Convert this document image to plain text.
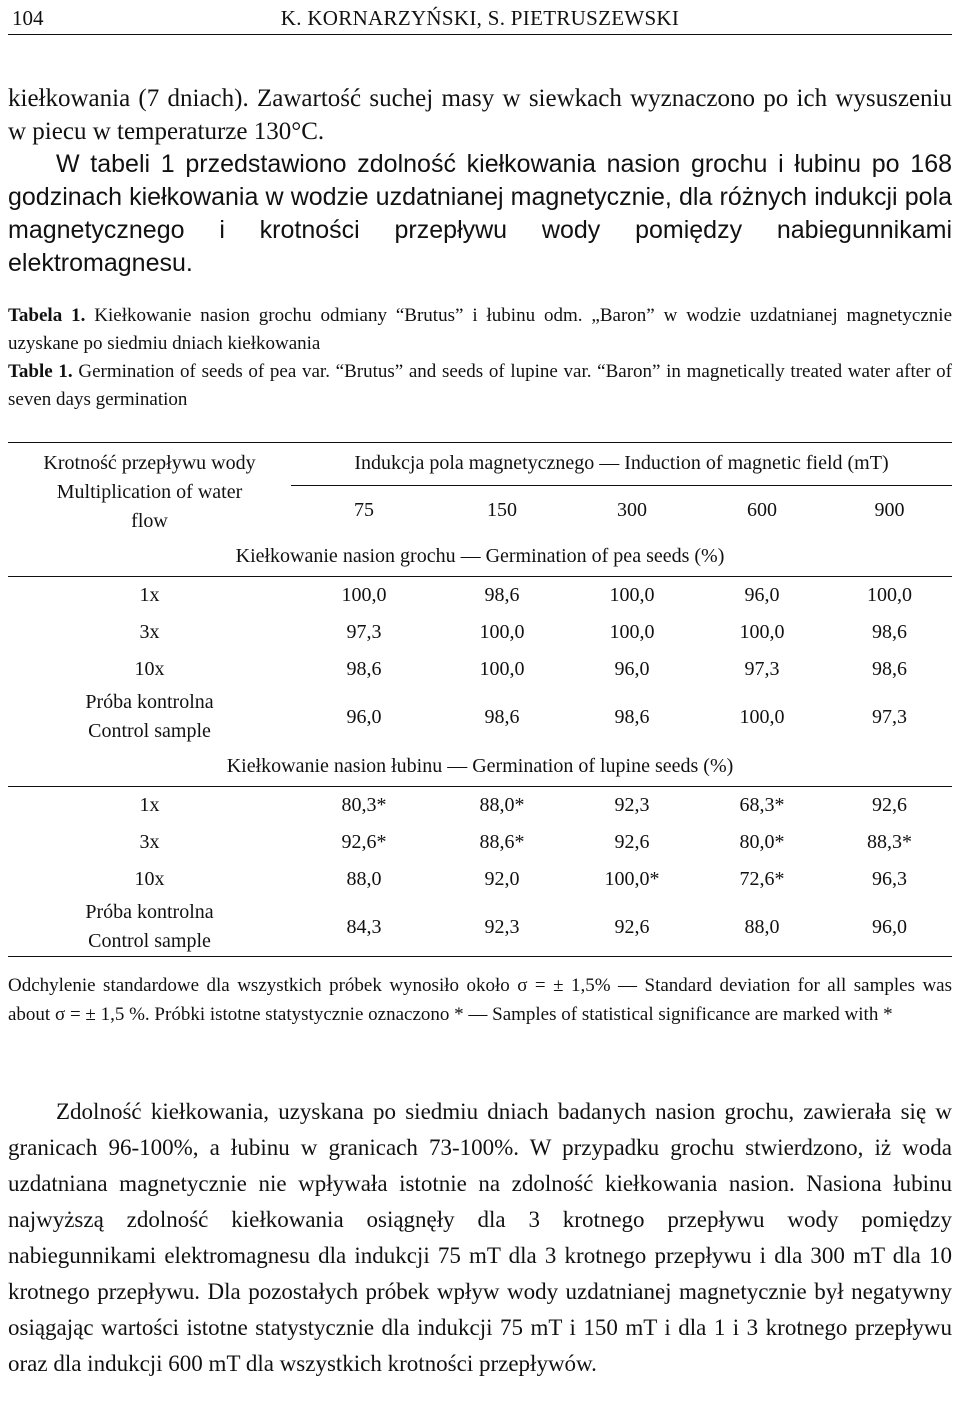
104	K. KORNARZYŃSKI, S. PIETRUSZEWSKI

kiełkowania (7 dniach). Zawartość suchej masy w siewkach wyznaczono po ich wysuszeniu w piecu w temperaturze 130°C.

W tabeli 1 przedstawiono zdolność kiełkowania nasion grochu i łubinu po 168 godzinach kiełkowania w wodzie uzdatnianej magnetycznie, dla różnych indukcji pola magnetycznego i krotności przepływu wody pomiędzy nabiegunnikami elektromagnesu.

Tabela 1. Kiełkowanie nasion grochu odmiany “Brutus” i łubinu odm. „Baron” w wodzie uzdatnianej magnetycznie uzyskane po siedmiu dniach kiełkowania
Table 1. Germination of seeds of pea var. “Brutus” and seeds of lupine var. “Baron” in magnetically treated water after of seven days germination

Krotność przepływu wody
Multiplication of water
flow	Indukcja pola magnetycznego — Induction of magnetic field (mT)				
	75	150	300	600	900
Kiełkowanie nasion grochu — Germination of pea seeds (%)					
1x	100,0	98,6	100,0	96,0	100,0
3x	97,3	100,0	100,0	100,0	98,6
10x	98,6	100,0	96,0	97,3	98,6

Próba kontrolna
Control sample	96,0	98,6	98,6	100,0	97,3
Kiełkowanie nasion łubinu — Germination of lupine seeds (%)					
1x	80,3*	88,0*	92,3	68,3*	92,6
3x	92,6*	88,6*	92,6	80,0*	88,3*
10x	88,0	92,0	100,0*	72,6*	96,3

Próba kontrolna
Control sample	84,3	92,3	92,6	88,0	96,0

Odchylenie standardowe dla wszystkich próbek wynosiło około σ = ± 1,5% — Standard deviation for all samples was about σ = ± 1,5 %. Próbki istotne statystycznie oznaczono * — Samples of statistical significance are marked with *

Zdolność kiełkowania, uzyskana po siedmiu dniach badanych nasion grochu, zawierała się w granicach 96-100%, a łubinu w granicach 73-100%. W przypadku grochu stwierdzono, iż woda uzdatniana magnetycznie nie wpływała istotnie na zdolność kiełkowania nasion. Nasiona łubinu najwyższą zdolność kiełkowania osiągnęły dla 3 krotnego przepływu wody pomiędzy nabiegunnikami elektromagnesu dla indukcji 75 mT dla 3 krotnego przepływu i dla 300 mT dla 10 krotnego przepływu. Dla pozostałych próbek wpływ wody uzdatnianej magnetycznie był negatywny osiągając wartości istotne statystycznie dla indukcji 75 mT i 150 mT i dla 1 i 3 krotnego przepływu oraz dla indukcji 600 mT dla wszystkich krotności przepływów.
